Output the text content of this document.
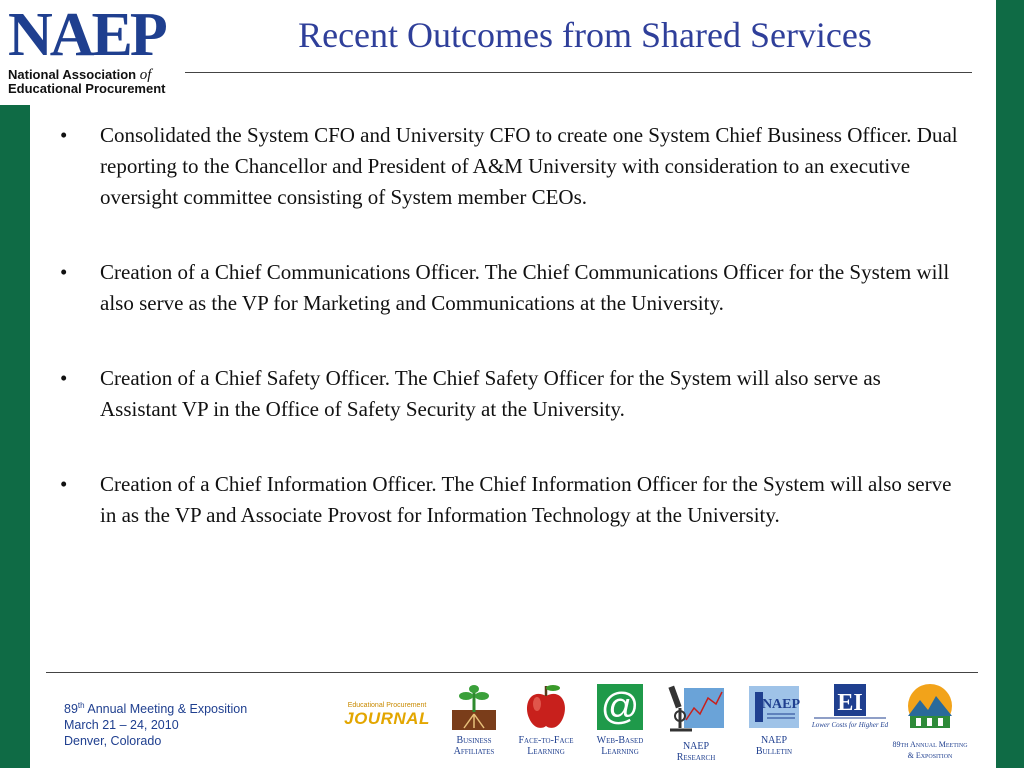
NAEP
National Association of
Educational Procurement
Recent Outcomes from Shared Services
• Consolidated the System CFO and University CFO to create one System Chief Business Officer. Dual reporting to the Chancellor and President of A&M University with consideration to an executive oversight committee consisting of System member CEOs.
• Creation of a Chief Communications Officer. The Chief Communications Officer for the System will also serve as the VP for Marketing and Communications at the University.
• Creation of a Chief Safety Officer. The Chief Safety Officer for the System will also serve as Assistant VP in the Office of Safety Security at the University.
• Creation of a Chief Information Officer. The Chief Information Officer for the System will also serve in as the VP and Associate Provost for Information Technology at the University.
89th Annual Meeting & Exposition
March 21 – 24, 2010
Denver, Colorado
Educational Procurement
JOURNAL
Business
Affiliates
Face-to-Face
Learning
@
Web-Based
Learning	NAEP
Research
NAEP
NAEP
Bulletin
EI
Lower Costs for Higher Ed
89th Annual Meeting
& Exposition
